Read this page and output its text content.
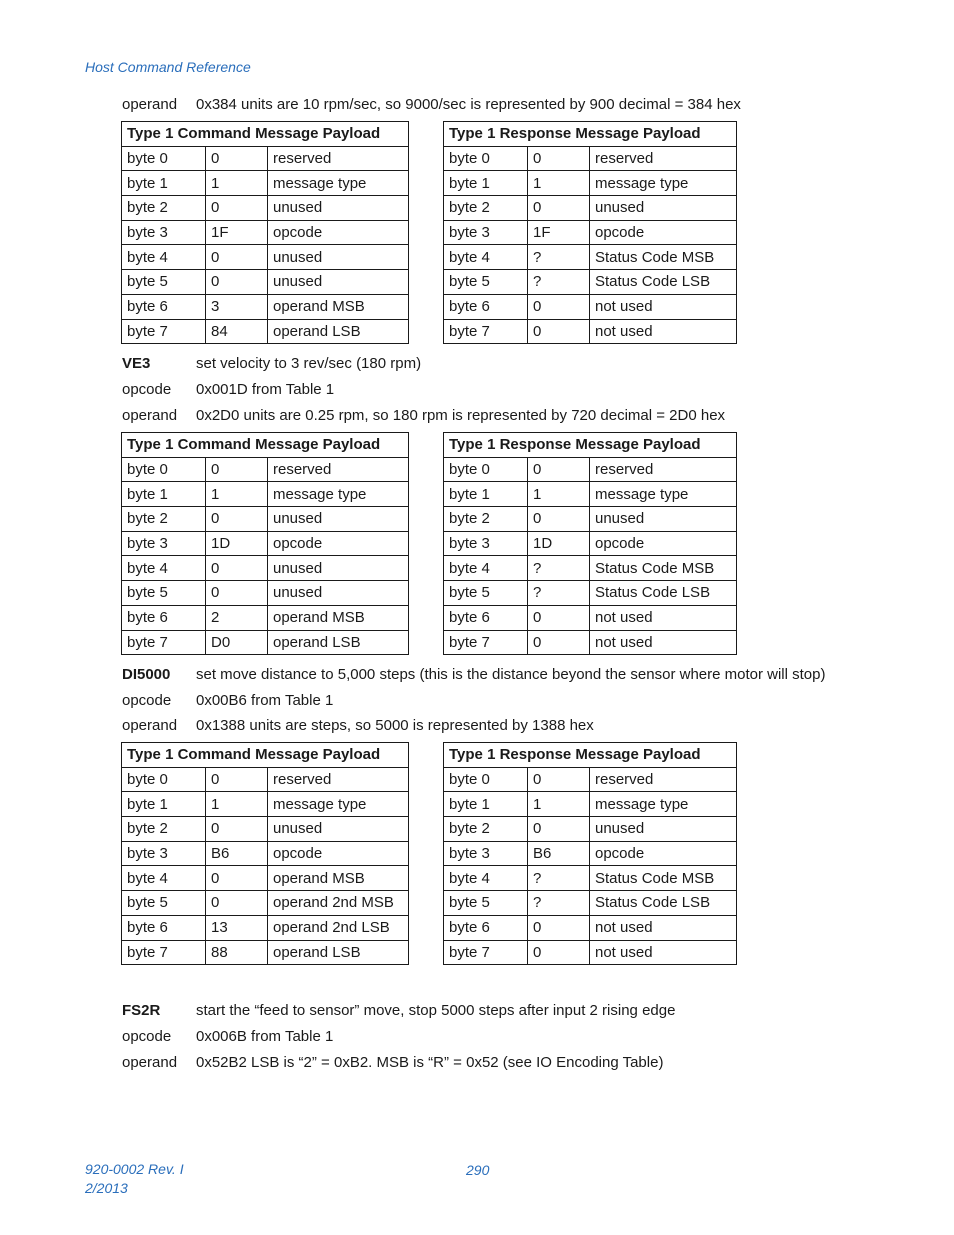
Host Command Reference
operand 0x384 units are 10 rpm/sec, so 9000/sec is represented by 900 decimal = 384 hex
Type 1 Command Message Payload		
byte 0	0	reserved
byte 1	1	message type
byte 2	0	unused
byte 3	1F	opcode
byte 4	0	unused
byte 5	0	unused
byte 6	3	operand MSB
byte 7	84	operand LSB
Type 1 Response Message Payload		
byte 0	0	reserved
byte 1	1	message type
byte 2	0	unused
byte 3	1F	opcode
byte 4	?	Status Code MSB
byte 5	?	Status Code LSB
byte 6	0	not used
byte 7	0	not used
VE3	set velocity to 3 rev/sec (180 rpm)
opcode 0x001D from Table 1
operand 0x2D0 units are 0.25 rpm, so 180 rpm is represented by 720 decimal = 2D0 hex
Type 1 Command Message Payload		
byte 0	0	reserved
byte 1	1	message type
byte 2	0	unused
byte 3	1D	opcode
byte 4	0	unused
byte 5	0	unused
byte 6	2	operand MSB
byte 7	D0	operand LSB
Type 1 Response Message Payload		
byte 0	0	reserved
byte 1	1	message type
byte 2	0	unused
byte 3	1D	opcode
byte 4	?	Status Code MSB
byte 5	?	Status Code LSB
byte 6	0	not used
byte 7	0	not used
DI5000 set move distance to 5,000 steps (this is the distance beyond the sensor where motor will stop)
opcode 0x00B6 from Table 1
operand 0x1388 units are steps, so 5000 is represented by 1388 hex
Type 1 Command Message Payload		
byte 0	0	reserved
byte 1	1	message type
byte 2	0	unused
byte 3	B6	opcode
byte 4	0	operand MSB
byte 5	0	operand 2nd MSB
byte 6	13	operand 2nd LSB
byte 7	88	operand LSB
Type 1 Response Message Payload		
byte 0	0	reserved
byte 1	1	message type
byte 2	0	unused
byte 3	B6	opcode
byte 4	?	Status Code MSB
byte 5	?	Status Code LSB
byte 6	0	not used
byte 7	0	not used
FS2R start the “feed to sensor” move, stop 5000 steps after input 2 rising edge
opcode 0x006B from Table 1
operand 0x52B2 LSB is “2” = 0xB2. MSB is “R” = 0x52 (see IO Encoding Table)
920-0002 Rev. I
2/2013
290
